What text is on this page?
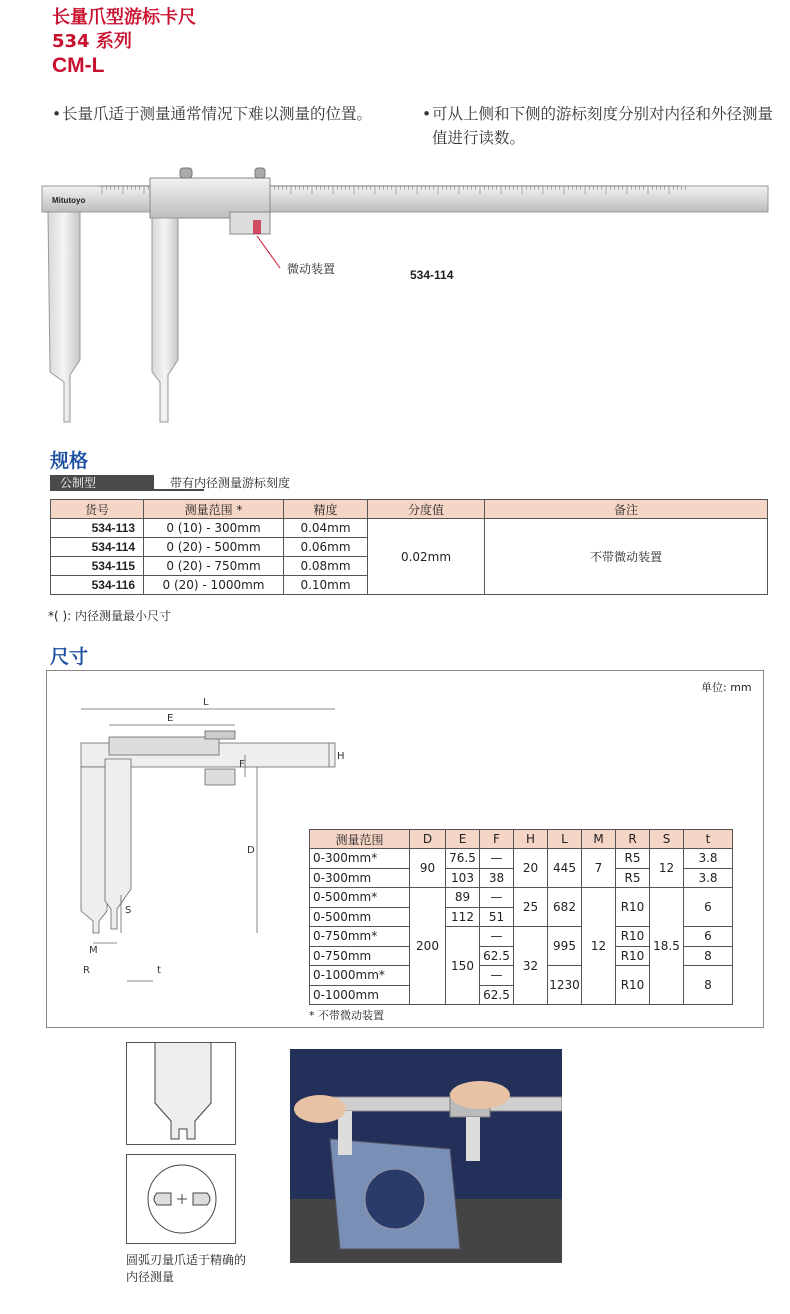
长量爪型游标卡尺
534 系列
CM-L
• 长量爪适于测量通常情况下难以测量的位置。	• 可从上侧和下侧的游标刻度分别对内径和外径测量值进行读数。
Mitutoyo
微动装置	534-114
规格
公制型	带有内径测量游标刻度
货号	测量范围 *	精度	分度值	备注
534-113	0 (10) - 300mm	0.04mm	0.02mm	不带微动装置
534-114	0 (20) - 500mm	0.06mm		
534-115	0 (20) - 750mm	0.08mm		
534-116	0 (20) - 1000mm	0.10mm		
*( ): 内径测量最小尺寸
尺寸
单位: mm
L
E
H
F
D
S
M
R	t
测量范围	D	E	F	H	L	M	R	S	t
0-300mm*	90	76.5	—	20	445	7	R5	12	3.8
0-300mm		103	38				R5		3.8
0-500mm*	200	89	—	25	682	12	R10	18.5	6
0-500mm		112	51						
0-750mm*		150	—	32	995		R10		6
0-750mm			62.5				R10		8
0-1000mm*			—		1230		R10		8
0-1000mm			62.5						
* 不带微动装置
圆弧刃量爪适于精确的
内径测量
